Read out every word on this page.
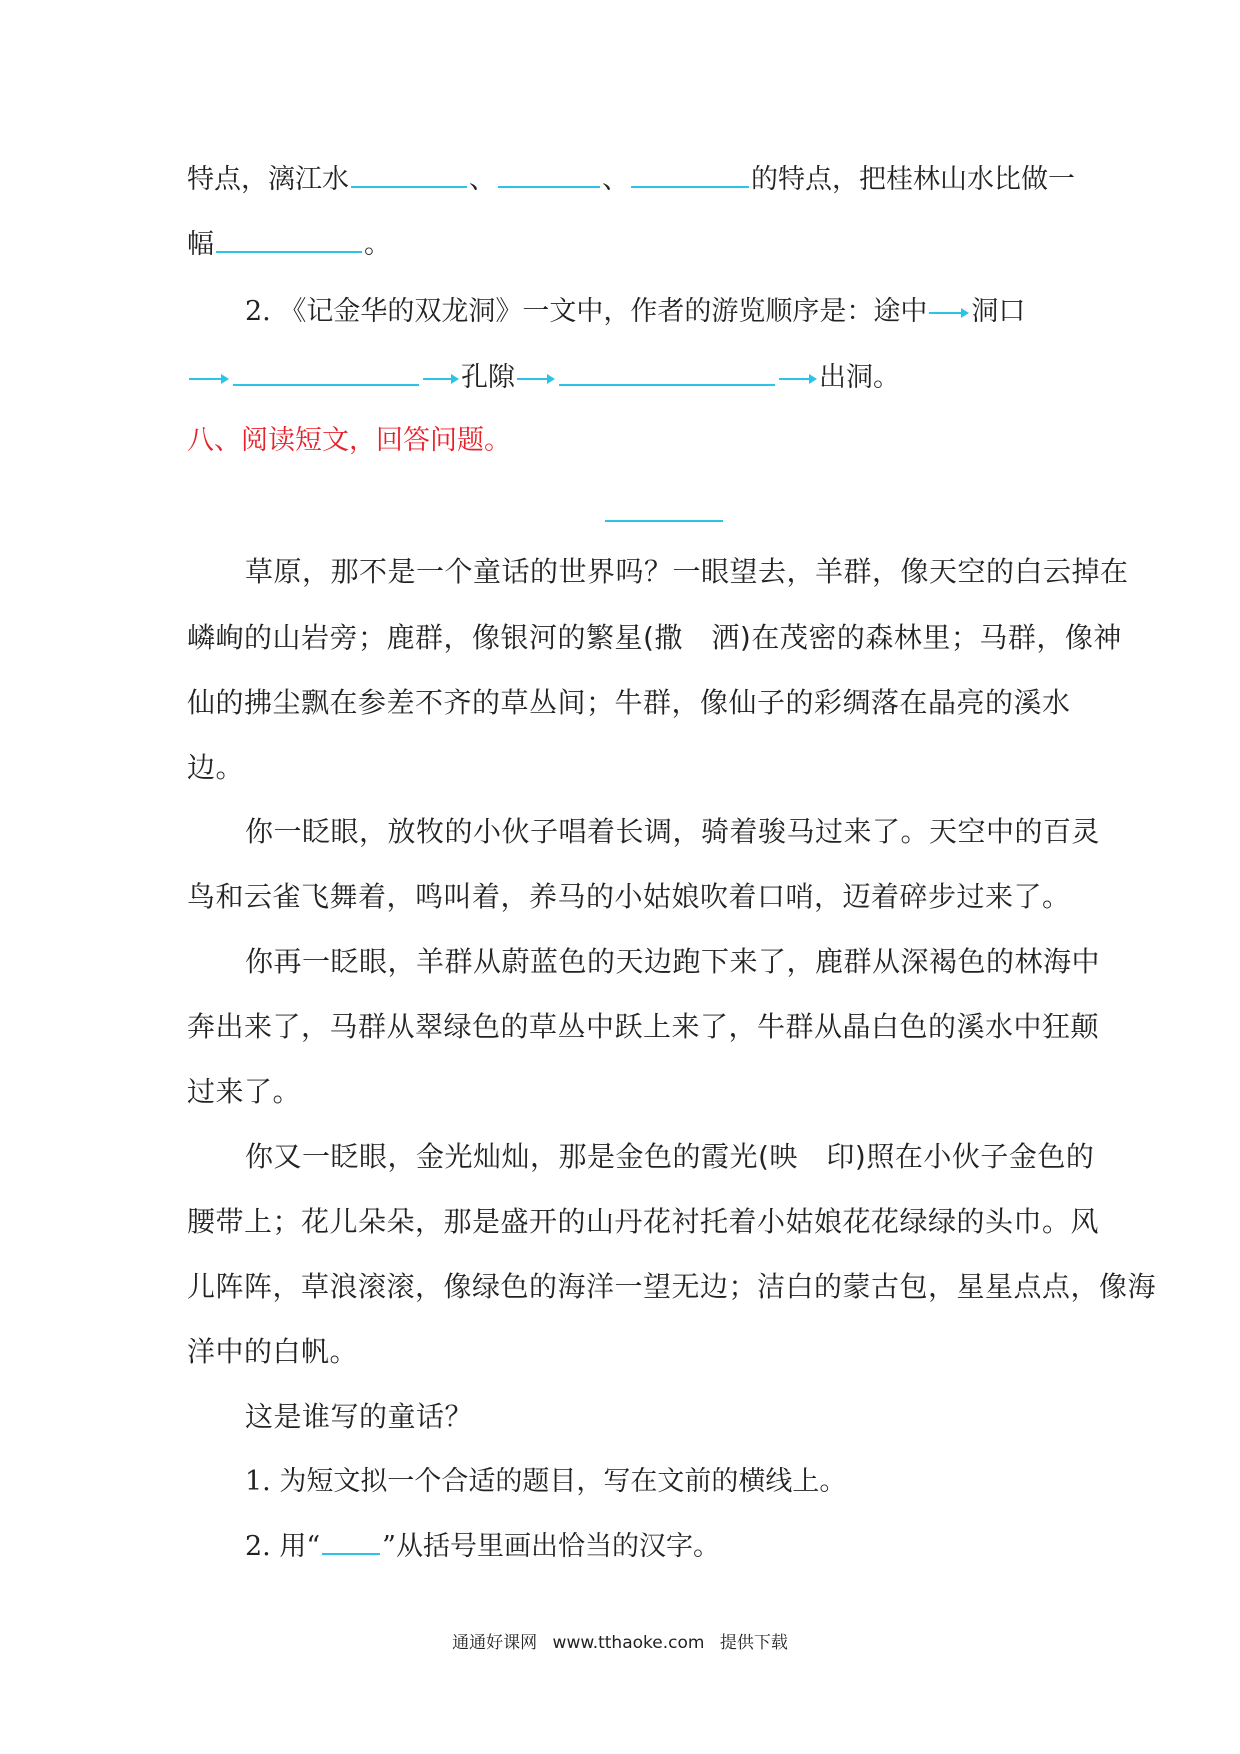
特点，漓江水	、	、	的特点，把桂林山水比做一
幅	。
2. 《记金华的双龙洞》一文中，作者的游览顺序是：途中 洞口
孔隙	出洞。
八、阅读短文，回答问题。
草原，那不是一个童话的世界吗？一眼望去，羊群，像天空的白云掉在
嶙峋的山岩旁；鹿群，像银河的繁星(撒　洒)在茂密的森林里；马群，像神
仙的拂尘飘在参差不齐的草丛间；牛群，像仙子的彩绸落在晶亮的溪水
边。
你一眨眼，放牧的小伙子唱着长调，骑着骏马过来了。天空中的百灵
鸟和云雀飞舞着，鸣叫着，养马的小姑娘吹着口哨，迈着碎步过来了。
你再一眨眼，羊群从蔚蓝色的天边跑下来了，鹿群从深褐色的林海中
奔出来了，马群从翠绿色的草丛中跃上来了，牛群从晶白色的溪水中狂颠
过来了。
你又一眨眼，金光灿灿，那是金色的霞光(映　印)照在小伙子金色的
腰带上；花儿朵朵，那是盛开的山丹花衬托着小姑娘花花绿绿的头巾。风
儿阵阵，草浪滚滚，像绿色的海洋一望无边；洁白的蒙古包，星星点点，像海
洋中的白帆。
这是谁写的童话？
1. 为短文拟一个合适的题目，写在文前的横线上。
2. 用“ ”从括号里画出恰当的汉字。
通通好课网 www.tthaoke.com 提供下载
